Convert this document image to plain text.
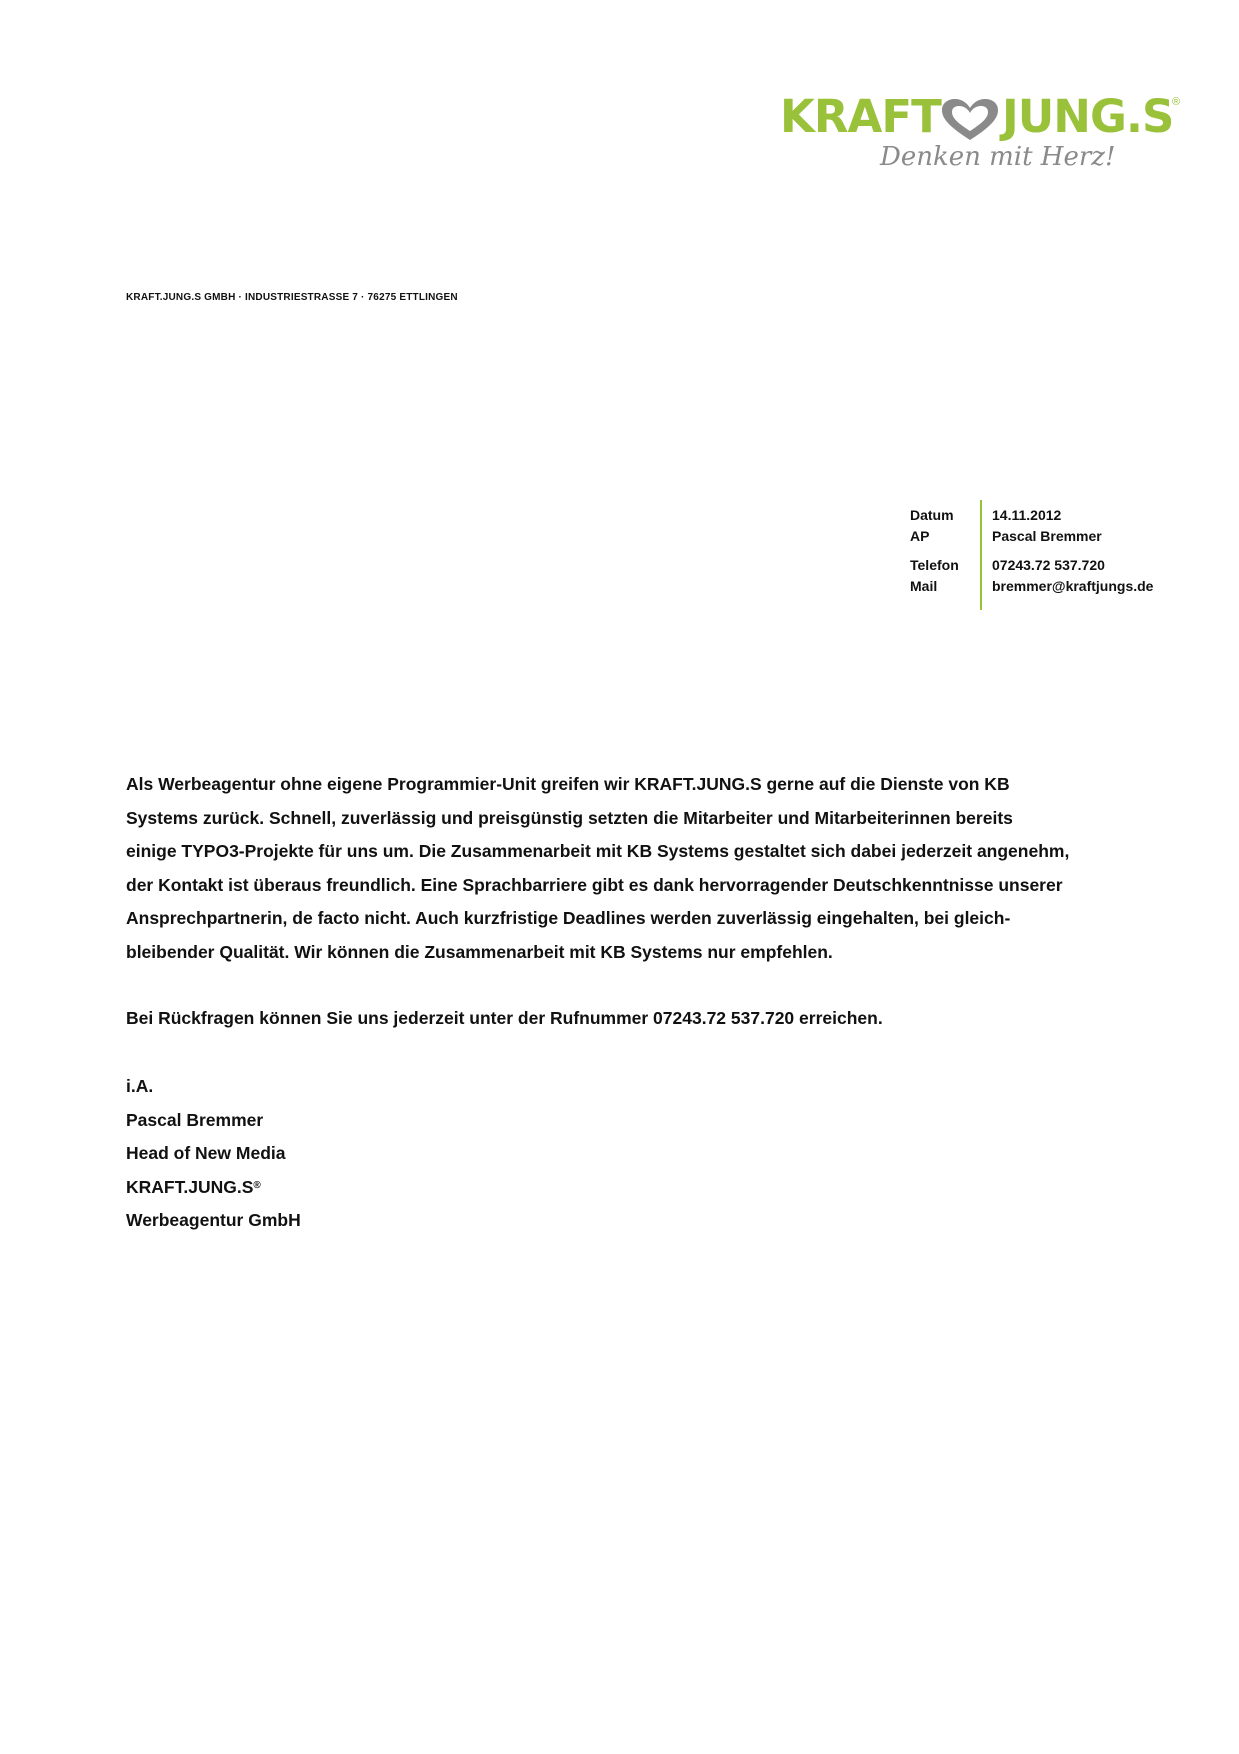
KRAFT JUNG.S
®
Denken mit Herz!
KRAFT.JUNG.S GMBH · INDUSTRIESTRASSE 7 · 76275 ETTLINGEN
Datum	14.11.2012
AP	Pascal Bremmer
Telefon 07243.72 537.720
Mail	bremmer@kraftjungs.de
Als Werbeagentur ohne eigene Programmier-Unit greifen wir KRAFT.JUNG.S gerne auf die Dienste von KB
Systems zurück. Schnell, zuverlässig und preisgünstig setzten die Mitarbeiter und Mitarbeiterinnen bereits
einige TYPO3-Projekte für uns um. Die Zusammenarbeit mit KB Systems gestaltet sich dabei jederzeit angenehm,
der Kontakt ist überaus freundlich. Eine Sprachbarriere gibt es dank hervorragender Deutschkenntnisse unserer
Ansprechpartnerin, de facto nicht. Auch kurzfristige Deadlines werden zuverlässig eingehalten, bei gleich-
bleibender Qualität. Wir können die Zusammenarbeit mit KB Systems nur empfehlen.
Bei Rückfragen können Sie uns jederzeit unter der Rufnummer 07243.72 537.720 erreichen.
i.A.
Pascal Bremmer
Head of New Media
KRAFT.JUNG.S®
Werbeagentur GmbH
